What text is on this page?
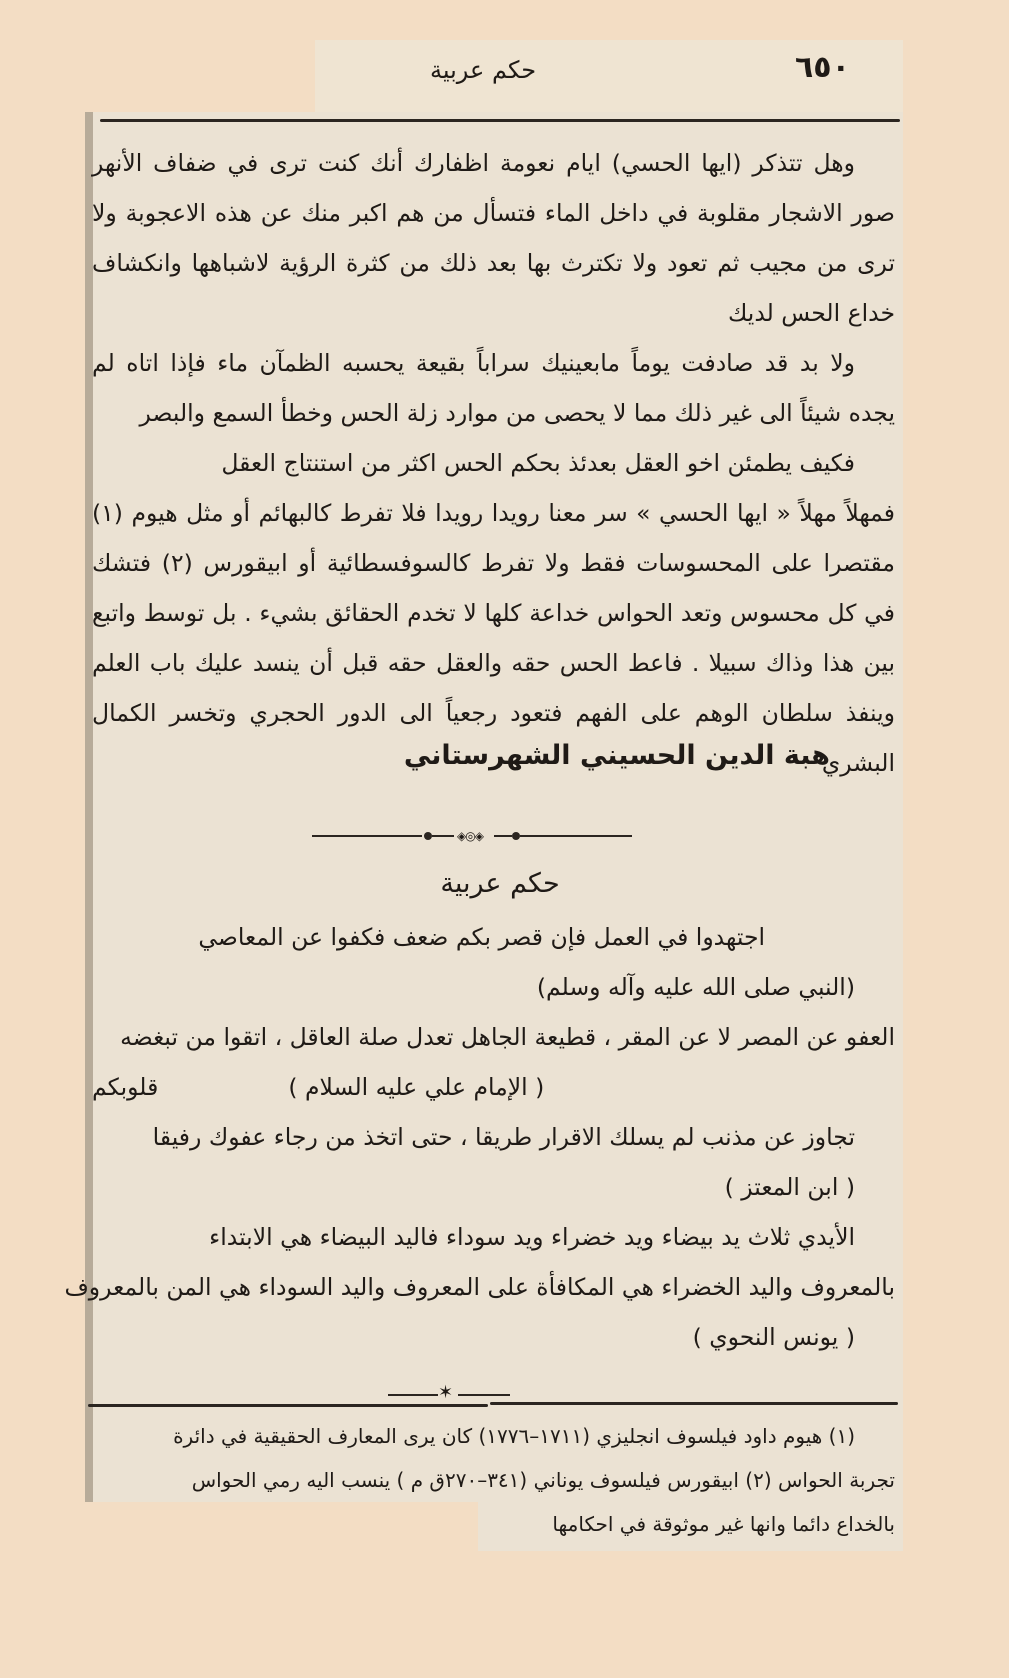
٦٥٠
حكم عربية

وهل تتذكر (ايها الحسي) ايام نعومة اظفارك أنك كنت ترى في ضفاف الأنهر صور الاشجار مقلوبة في داخل الماء فتسأل من هم اكبر منك عن هذه الاعجوبة ولا ترى من مجيب ثم تعود ولا تكترث بها بعد ذلك من كثرة الرؤية لاشباهها وانكشاف خداع الحس لديك

ولا بد قد صادفت يوماً مابعينيك سراباً بقيعة يحسبه الظمآن ماء فإذا اتاه لم يجده شيئاً الى غير ذلك مما لا يحصى من موارد زلة الحس وخطأ السمع والبصر

فكيف يطمئن اخو العقل بعدئذ بحكم الحس اكثر من استنتاج العقل

فمهلاً مهلاً « ايها الحسي » سر معنا رويدا رويدا فلا تفرط كالبهائم أو مثل هيوم (١) مقتصرا على المحسوسات فقط ولا تفرط كالسوفسطائية أو ابيقورس (٢) فتشك في كل محسوس وتعد الحواس خداعة كلها لا تخدم الحقائق بشيء . بل توسط واتبع بين هذا وذاك سبيلا . فاعط الحس حقه والعقل حقه قبل أن ينسد عليك باب العلم وينفذ سلطان الوهم على الفهم فتعود رجعياً الى الدور الحجري وتخسر الكمال البشري

هبة الدين الحسيني الشهرستاني
◈◎◈
حكم عربية
اجتهدوا في العمل فإن قصر بكم ضعف فكفوا عن المعاصي
(النبي صلى الله عليه وآله وسلم)
العفو عن المصر لا عن المقر ، قطيعة الجاهل تعدل صلة العاقل ، اتقوا من تبغضه
قلوبكم	( الإمام علي عليه السلام )
تجاوز عن مذنب لم يسلك الاقرار طريقا ، حتى اتخذ من رجاء عفوك رفيقا
( ابن المعتز )
الأيدي ثلاث يد بيضاء ويد خضراء ويد سوداء فاليد البيضاء هي الابتداء
بالمعروف واليد الخضراء هي المكافأة على المعروف واليد السوداء هي المن بالمعروف
( يونس النحوي )
✶
(١) هيوم داود فيلسوف انجليزي (١٧١١–١٧٧٦) كان يرى المعارف الحقيقية في دائرة
تجربة الحواس (٢) ابيقورس فيلسوف يوناني (٣٤١–٢٧٠ق م ) ينسب اليه رمي الحواس
بالخداع دائما وانها غير موثوقة في احكامها
